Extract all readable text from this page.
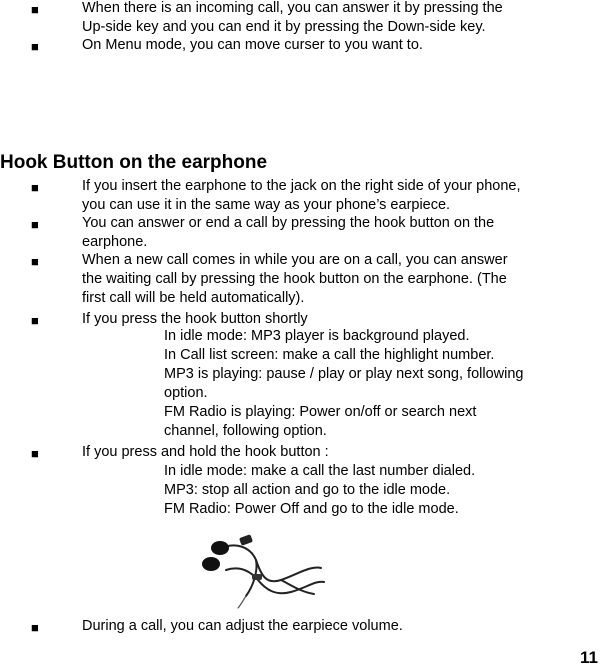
■	When there is an incoming call, you can answer it by pressing the
Up-side key and you can end it by pressing the Down-side key.
■	On Menu mode, you can move curser to you want to.
Hook Button on the earphone
■	If you insert the earphone to the jack on the right side of your phone,
you can use it in the same way as your phone’s earpiece.
■	You can answer or end a call by pressing the hook button on the
earphone.
■	When a new call comes in while you are on a call, you can answer
the waiting call by pressing the hook button on the earphone. (The
first call will be held automatically).
■	If you press the hook button shortly
In idle mode: MP3 player is background played.
In Call list screen: make a call the highlight number.
MP3 is playing: pause / play or play next song, following
option.
FM Radio is playing: Power on/off or search next
channel, following option.
■	If you press and hold the hook button :
In idle mode: make a call the last number dialed.
MP3: stop all action and go to the idle mode.
FM Radio: Power Off and go to the idle mode.
■	During a call, you can adjust the earpiece volume.
11
